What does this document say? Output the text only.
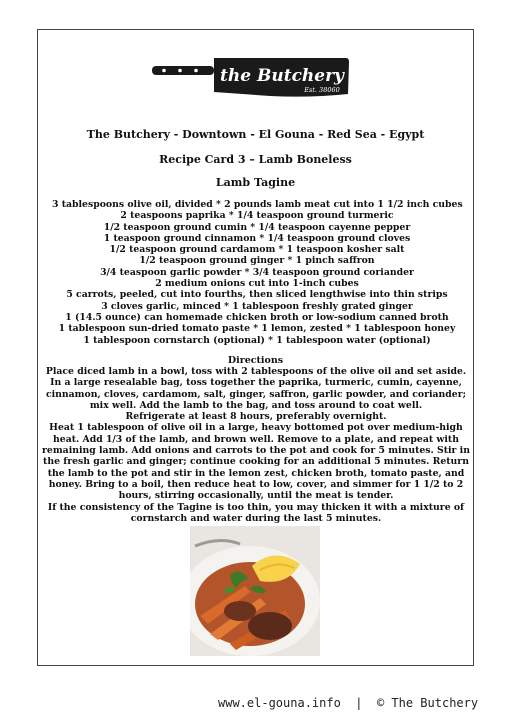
the Butchery
Est. 38060
The Butchery - Downtown - El Gouna - Red Sea - Egypt
Recipe Card 3 – Lamb Boneless
Lamb Tagine
3 tablespoons olive oil, divided * 2 pounds lamb meat cut into 1 1/2 inch cubes
2 teaspoons paprika * 1/4 teaspoon ground turmeric
1/2 teaspoon ground cumin * 1/4 teaspoon cayenne pepper
1 teaspoon ground cinnamon * 1/4 teaspoon ground cloves
1/2 teaspoon ground cardamom * 1 teaspoon kosher salt
1/2 teaspoon ground ginger * 1 pinch saffron
3/4 teaspoon garlic powder * 3/4 teaspoon ground coriander
2 medium onions cut into 1-inch cubes
5 carrots, peeled, cut into fourths, then sliced lengthwise into thin strips
3 cloves garlic, minced * 1 tablespoon freshly grated ginger
1 (14.5 ounce) can homemade chicken broth or low-sodium canned broth
1 tablespoon sun-dried tomato paste * 1 lemon, zested * 1 tablespoon honey
1 tablespoon cornstarch (optional) * 1 tablespoon water (optional)
Directions
Place diced lamb in a bowl, toss with 2 tablespoons of the olive oil and set aside.
In a large resealable bag, toss together the paprika, turmeric, cumin, cayenne,
cinnamon, cloves, cardamom, salt, ginger, saffron, garlic powder, and coriander;
mix well. Add the lamb to the bag, and toss around to coat well.
Refrigerate at least 8 hours, preferably overnight.
Heat 1 tablespoon of olive oil in a large, heavy bottomed pot over medium-high
heat. Add 1/3 of the lamb, and brown well. Remove to a plate, and repeat with
remaining lamb. Add onions and carrots to the pot and cook for 5 minutes. Stir in
the fresh garlic and ginger; continue cooking for an additional 5 minutes. Return
the lamb to the pot and stir in the lemon zest, chicken broth, tomato paste, and
honey. Bring to a boil, then reduce heat to low, cover, and simmer for 1 1/2 to 2
hours, stirring occasionally, until the meat is tender.
If the consistency of the Tagine is too thin, you may thicken it with a mixture of
cornstarch and water during the last 5 minutes.
www.el-gouna.info  |  © The Butchery
